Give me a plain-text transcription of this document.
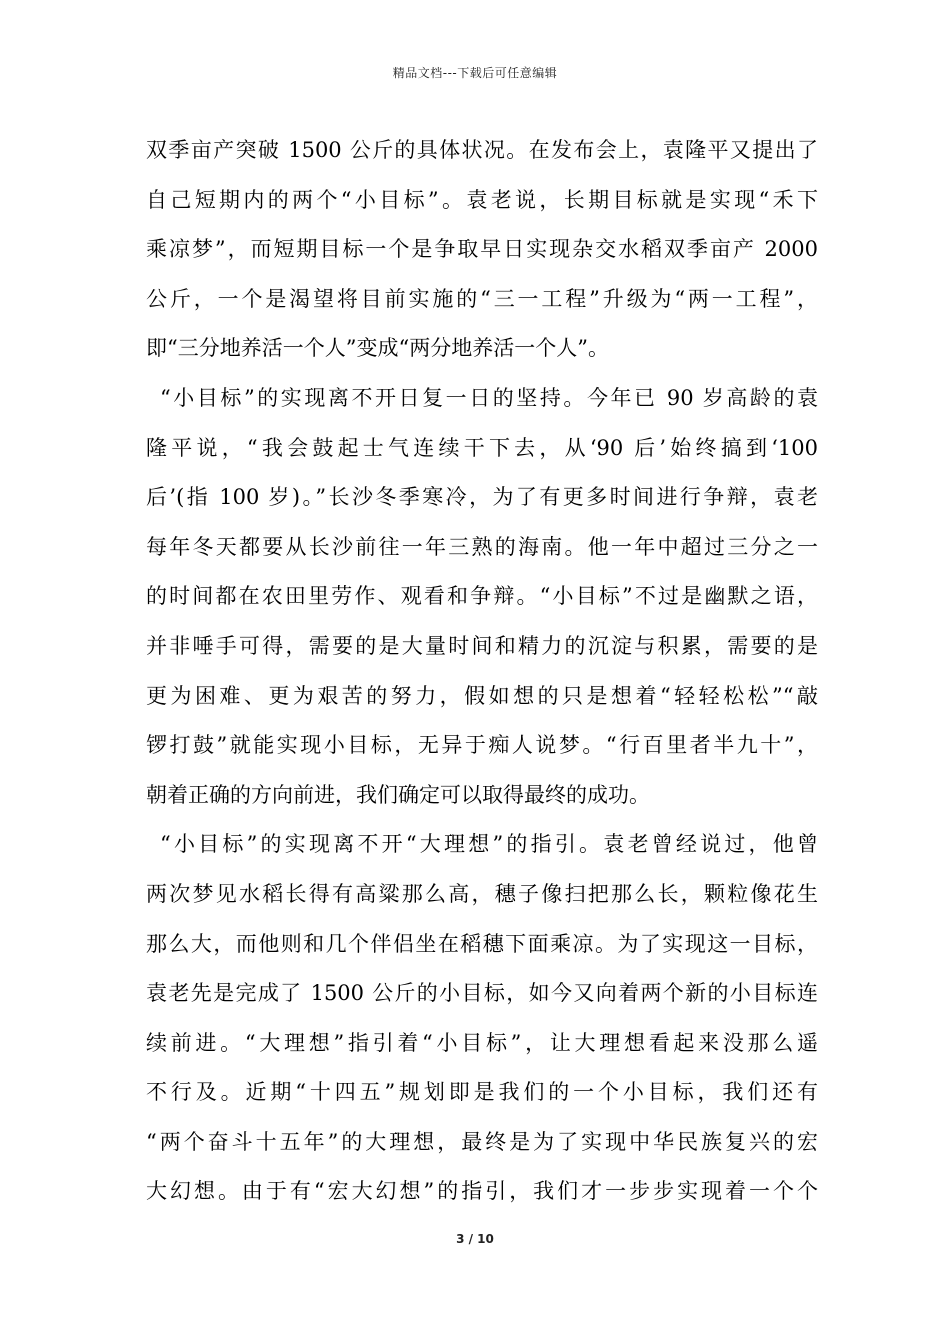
精品文档---下载后可任意编辑
双季亩产突破 1500 公斤的具体状况。在发布会上，袁隆平又提出了
自己短期内的两个“小目标”。袁老说，长期目标就是实现“禾下
乘凉梦”，而短期目标一个是争取早日实现杂交水稻双季亩产 2000
公斤，一个是渴望将目前实施的“三一工程”升级为“两一工程”，
即“三分地养活一个人”变成“两分地养活一个人”。
“小目标”的实现离不开日复一日的坚持。今年已 90 岁高龄的袁
隆平说，“我会鼓起士气连续干下去，从‘90 后’始终搞到‘100
后’(指 100 岁)。”长沙冬季寒冷，为了有更多时间进行争辩，袁老
每年冬天都要从长沙前往一年三熟的海南。他一年中超过三分之一
的时间都在农田里劳作、观看和争辩。“小目标”不过是幽默之语，
并非唾手可得，需要的是大量时间和精力的沉淀与积累，需要的是
更为困难、更为艰苦的努力，假如想的只是想着“轻轻松松”“敲
锣打鼓”就能实现小目标，无异于痴人说梦。“行百里者半九十”，
朝着正确的方向前进，我们确定可以取得最终的成功。
“小目标”的实现离不开“大理想”的指引。袁老曾经说过，他曾
两次梦见水稻长得有高粱那么高，穗子像扫把那么长，颗粒像花生
那么大，而他则和几个伴侣坐在稻穗下面乘凉。为了实现这一目标，
袁老先是完成了 1500 公斤的小目标，如今又向着两个新的小目标连
续前进。“大理想”指引着“小目标”，让大理想看起来没那么遥
不行及。近期“十四五”规划即是我们的一个小目标，我们还有
“两个奋斗十五年”的大理想，最终是为了实现中华民族复兴的宏
大幻想。由于有“宏大幻想”的指引，我们才一步步实现着一个个
3 / 10
